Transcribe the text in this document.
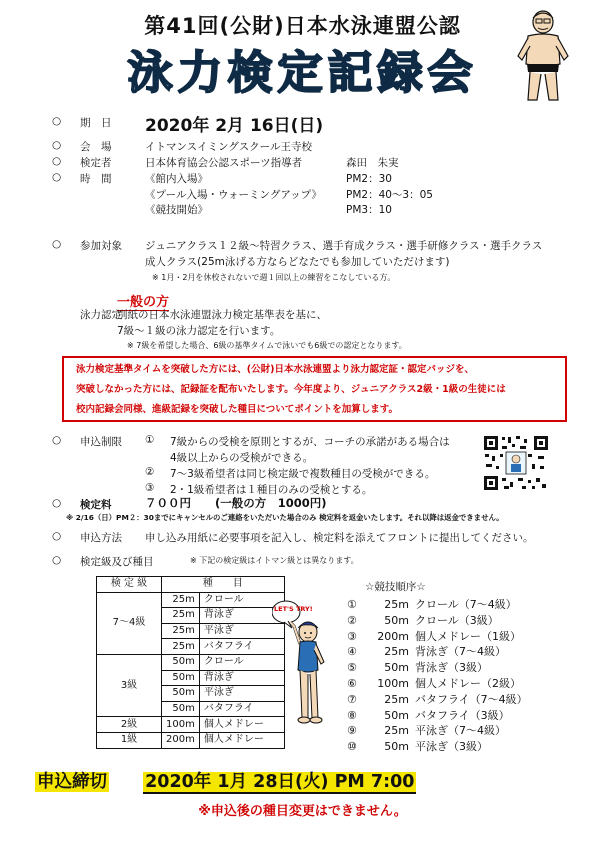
第41回(公財)日本水泳連盟公認
泳力検定記録会
○ 期　日 2020年 2月 16日(日)
○ 会　場	イトマンスイミングスクール王寺校
○ 検定者	日本体育協会公認スポーツ指導者	森田　朱実
○ 時　間	《館内入場》	PM2：30
《プール入場・ウォーミングアップ》 PM2：40〜3：05
《競技開始》	PM3：10
○ 参加対象 ジュニアクラス１２級〜特習クラス、選手育成クラス・選手研修クラス・選手クラス
成人クラス(25m泳げる方ならどなたでも参加していただけます)
※ 1月・2月を休校されないで週１回以上の練習をこなしている方。
一般の方
泳力認定
別紙の日本水泳連盟泳力検定基準表を基に、
7級〜１級の泳力認定を行います。
※ 7級を希望した場合、6級の基準タイムで泳いでも6級での認定となります。
泳力検定基準タイムを突破した方には、(公財)日本水泳連盟より泳力認定証・認定バッジを、
突破しなかった方には、記録証を配布いたします。今年度より、ジュニアクラス2級・1級の生徒には
校内記録会同様、進級記録を突破した種目についてポイントを加算します。
○ 申込制限 ① 7級からの受検を原則とするが、コーチの承諾がある場合は
4級以上からの受検ができる。
② 7〜3級希望者は同じ検定級で複数種目の受検ができる。
③ 2・1級希望者は１種目のみの受検とする。
○ 検定料	７００円 (一般の方　1000円)
※ 2/16（日）PM２：30までにキャンセルのご連絡をいただいた場合のみ 検定料を返金いたします。それ以降は返金できません。
○ 申込方法 申し込み用紙に必要事項を記入し、検定料を添えてフロントに提出してください。
○ 検定級及び種目	※ 下記の検定級はイトマン級とは異なります。
検 定 級	種　　目	
7〜4級	25m	クロール
	25m	背泳ぎ
	25m	平泳ぎ
	25m	バタフライ
3級	50m	クロール
	50m	背泳ぎ
	50m	平泳ぎ
	50m	バタフライ
2級	100m	個人メドレー
1級	200m	個人メドレー
LET'S TRY!
☆競技順序☆
① 25m クロール（7〜4級）
② 50m クロール（3級）
③ 200m 個人メドレー（1級）
④ 25m 背泳ぎ（7〜4級）
⑤ 50m 背泳ぎ（3級）
⑥ 100m 個人メドレー（2級）
⑦ 25m バタフライ（7〜4級）
⑧ 50m バタフライ（3級）
⑨ 25m 平泳ぎ（7〜4級）
⑩ 50m 平泳ぎ（3級）
申込締切 2020年 1月 28日(火) PM 7:00
※申込後の種目変更はできません。
